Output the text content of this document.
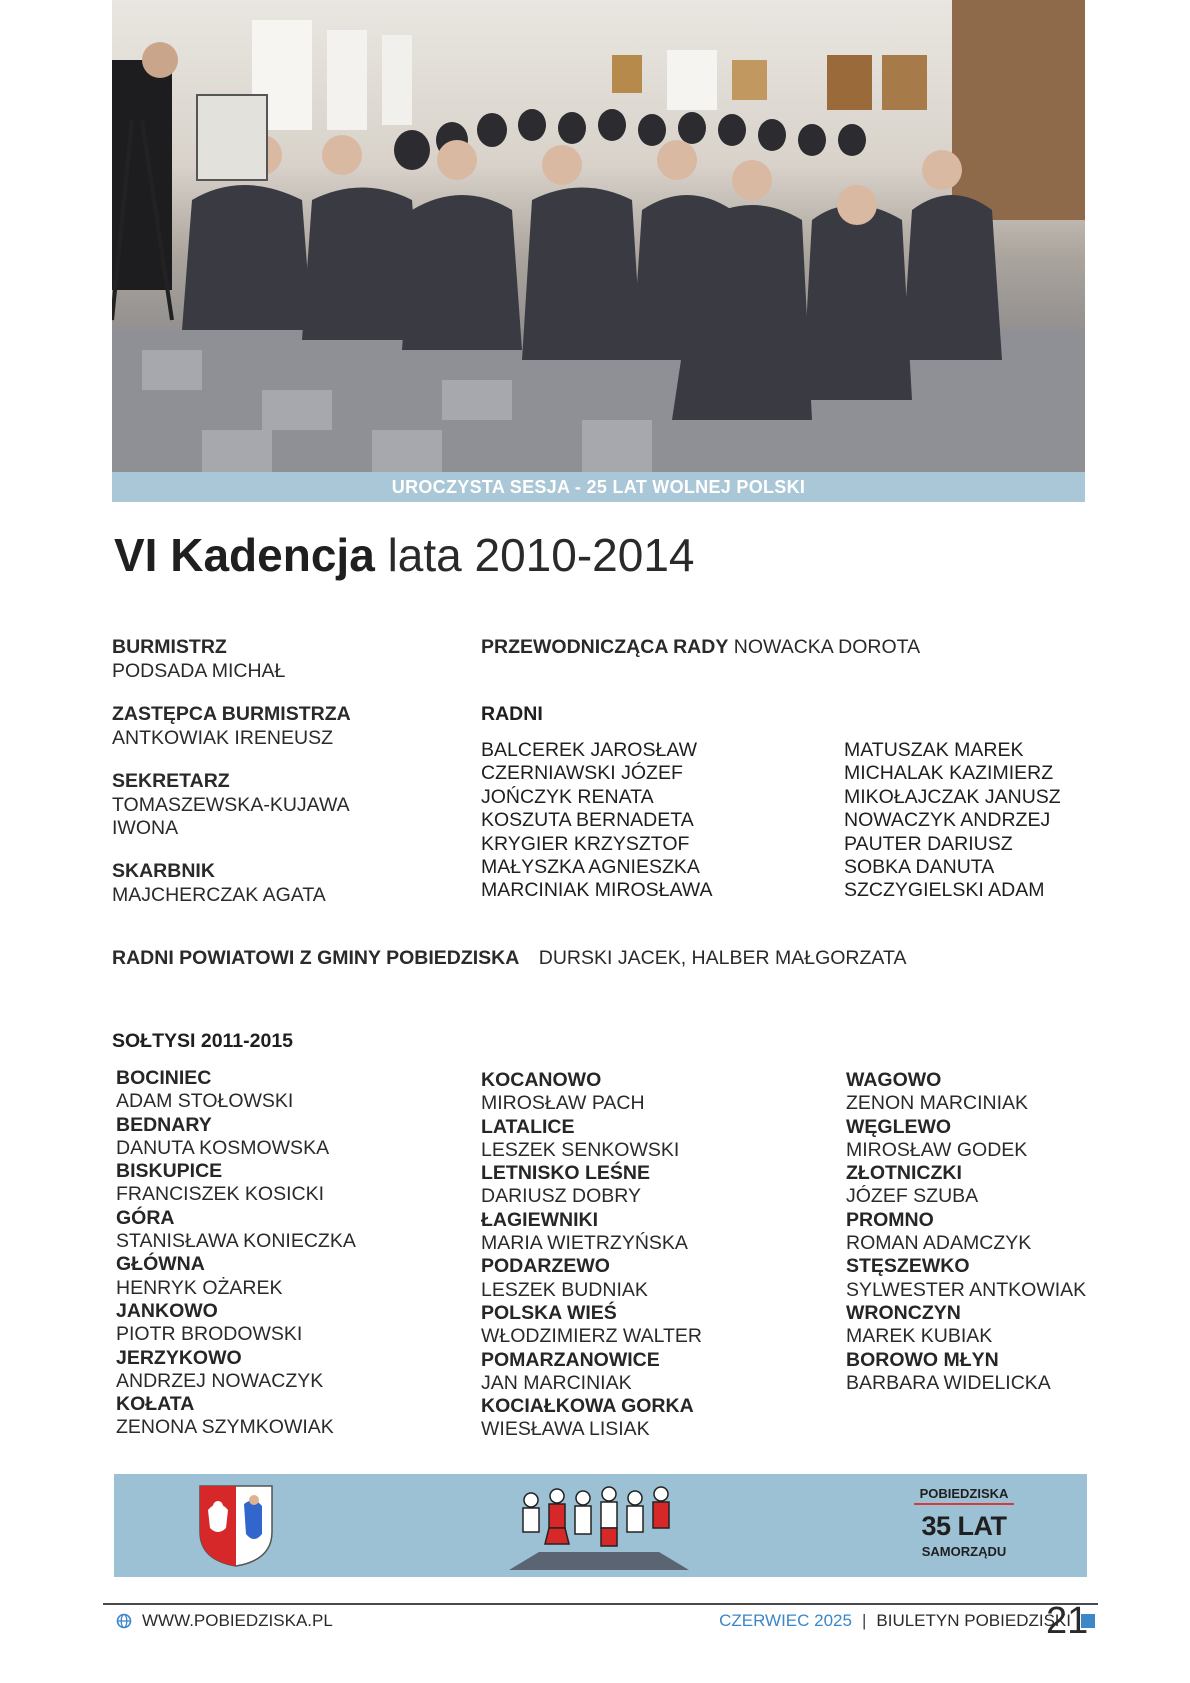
UROCZYSTA SESJA - 25 LAT WOLNEJ POLSKI
VI Kadencja lata 2010-2014
BURMISTRZ
PODSADA MICHAŁ
ZASTĘPCA BURMISTRZA
ANTKOWIAK IRENEUSZ
SEKRETARZ
TOMASZEWSKA-KUJAWA
IWONA
SKARBNIK
MAJCHERCZAK AGATA
PRZEWODNICZĄCA RADY NOWACKA DOROTA
RADNI
BALCEREK JAROSŁAW
CZERNIAWSKI JÓZEF
JOŃCZYK RENATA
KOSZUTA BERNADETA
KRYGIER KRZYSZTOF
MAŁYSZKA AGNIESZKA
MARCINIAK MIROSŁAWA
MATUSZAK MAREK
MICHALAK KAZIMIERZ
MIKOŁAJCZAK JANUSZ
NOWACZYK ANDRZEJ
PAUTER DARIUSZ
SOBKA DANUTA
SZCZYGIELSKI ADAM
RADNI POWIATOWI Z GMINY POBIEDZISKA DURSKI JACEK, HALBER MAŁGORZATA
SOŁTYSI 2011-2015
BOCINIEC
ADAM STOŁOWSKI
BEDNARY
DANUTA KOSMOWSKA
BISKUPICE
FRANCISZEK KOSICKI
GÓRA
STANISŁAWA KONIECZKA
GŁÓWNA
HENRYK OŻAREK
JANKOWO
PIOTR BRODOWSKI
JERZYKOWO
ANDRZEJ NOWACZYK
KOŁATA
ZENONA SZYMKOWIAK
KOCANOWO
MIROSŁAW PACH
LATALICE
LESZEK SENKOWSKI
LETNISKO LEŚNE
DARIUSZ DOBRY
ŁAGIEWNIKI
MARIA WIETRZYŃSKA
PODARZEWO
LESZEK BUDNIAK
POLSKA WIEŚ
WŁODZIMIERZ WALTER
POMARZANOWICE
JAN MARCINIAK
KOCIAŁKOWA GORKA
WIESŁAWA LISIAK
WAGOWO
ZENON MARCINIAK
WĘGLEWO
MIROSŁAW GODEK
ZŁOTNICZKI
JÓZEF SZUBA
PROMNO
ROMAN ADAMCZYK
STĘSZEWKO
SYLWESTER ANTKOWIAK
WRONCZYN
MAREK KUBIAK
BOROWO MŁYN
BARBARA WIDELICKA
POBIEDZISKA
35 LAT
SAMORZĄDU
WWW.POBIEDZISKA.PL	CZERWIEC 2025 | BIULETYN POBIEDZISKI
21
